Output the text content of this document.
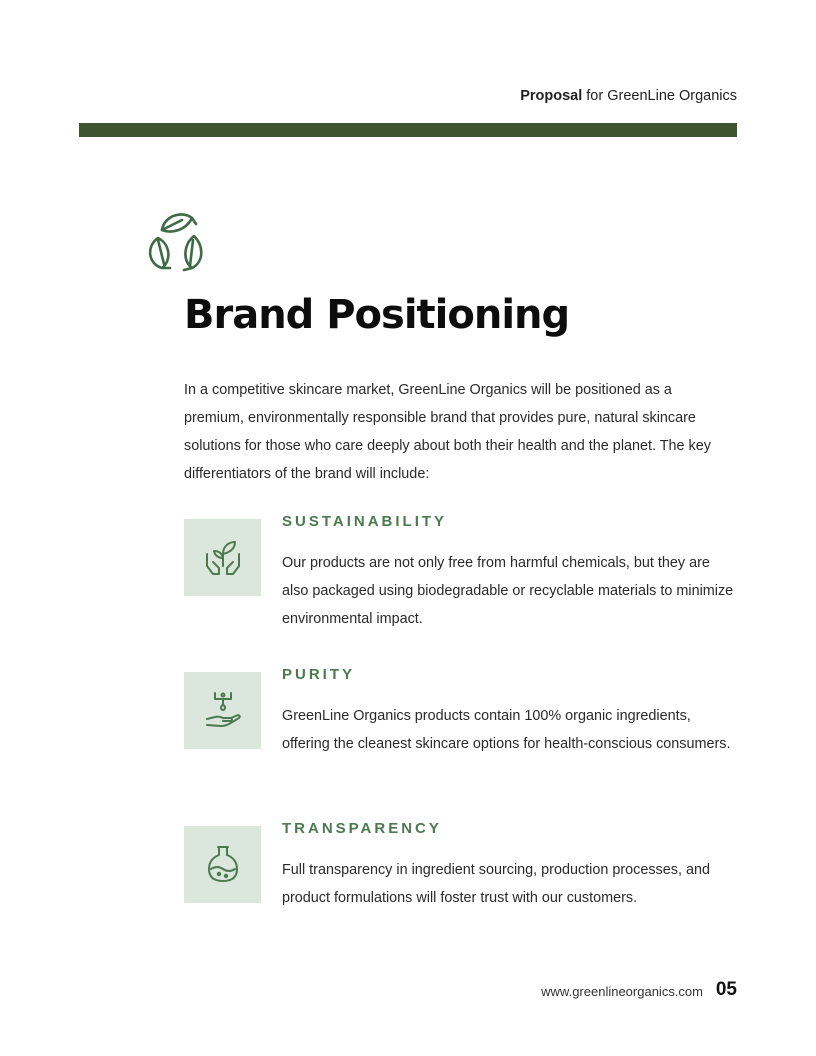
Proposal for GreenLine Organics
Brand Positioning

In a competitive skincare market, GreenLine Organics will be positioned as a premium, environmentally responsible brand that provides pure, natural skincare solutions for those who care deeply about both their health and the planet. The key differentiators of the brand will include:

SUSTAINABILITY
Our products are not only free from harmful chemicals, but they are also packaged using biodegradable or recyclable materials to minimize environmental impact.
PURITY
GreenLine Organics products contain 100% organic ingredients, offering the cleanest skincare options for health-conscious consumers.
TRANSPARENCY
Full transparency in ingredient sourcing, production processes, and product formulations will foster trust with our customers.
www.greenlineorganics.com 05
